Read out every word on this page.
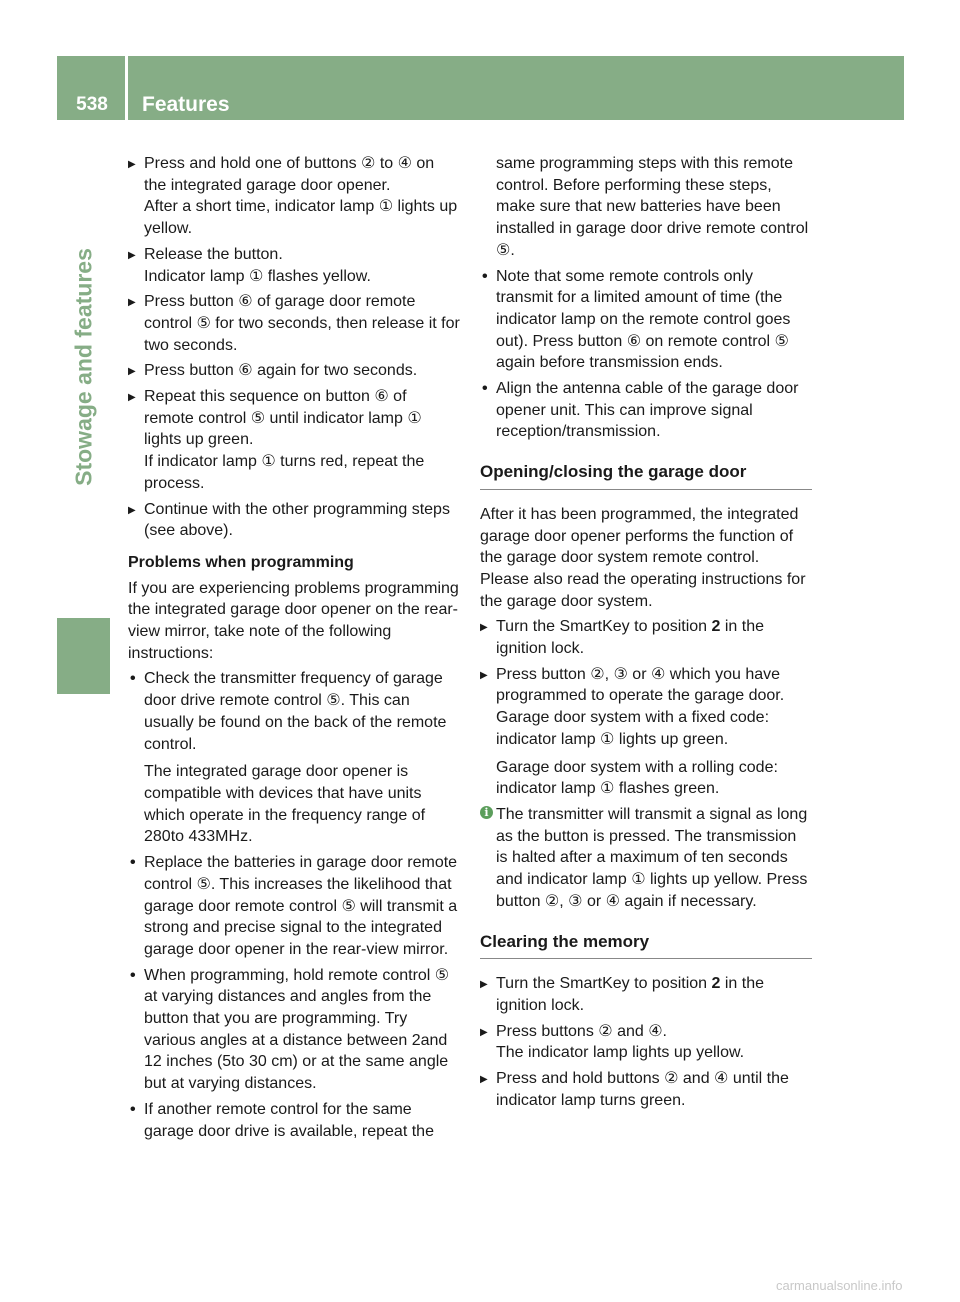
538	Features
Stowage and features
▶ Press and hold one of buttons ② to ④ on the integrated garage door opener.
After a short time, indicator lamp ① lights up yellow.
▶ Release the button.
Indicator lamp ① flashes yellow.
▶ Press button ⑥ of garage door remote control ⑤ for two seconds, then release it for two seconds.
▶ Press button ⑥ again for two seconds.
▶ Repeat this sequence on button ⑥ of remote control ⑤ until indicator lamp ① lights up green.
If indicator lamp ① turns red, repeat the process.
▶ Continue with the other programming steps (see above).
Problems when programming
If you are experiencing problems programming the integrated garage door opener on the rear-view mirror, take note of the following instructions:
• Check the transmitter frequency of garage door drive remote control ⑤. This can usually be found on the back of the remote control.
The integrated garage door opener is compatible with devices that have units which operate in the frequency range of 280to 433MHz.
• Replace the batteries in garage door remote control ⑤. This increases the likelihood that garage door remote control ⑤ will transmit a strong and precise signal to the integrated garage door opener in the rear-view mirror.
• When programming, hold remote control ⑤ at varying distances and angles from the button that you are programming. Try various angles at a distance between 2and 12 inches (5to 30 cm) or at the same angle but at varying distances.
• If another remote control for the same garage door drive is available, repeat the
same programming steps with this remote control. Before performing these steps, make sure that new batteries have been installed in garage door drive remote control ⑤.
• Note that some remote controls only transmit for a limited amount of time (the indicator lamp on the remote control goes out). Press button ⑥ on remote control ⑤ again before transmission ends.
• Align the antenna cable of the garage door opener unit. This can improve signal reception/transmission.
Opening/closing the garage door
After it has been programmed, the integrated garage door opener performs the function of the garage door system remote control. Please also read the operating instructions for the garage door system.
▶ Turn the SmartKey to position 2 in the ignition lock.
▶ Press button ②, ③ or ④ which you have programmed to operate the garage door.
Garage door system with a fixed code: indicator lamp ① lights up green.
Garage door system with a rolling code: indicator lamp ① flashes green.
i The transmitter will transmit a signal as long as the button is pressed. The transmission is halted after a maximum of ten seconds and indicator lamp ① lights up yellow. Press button ②, ③ or ④ again if necessary.
Clearing the memory
▶ Turn the SmartKey to position 2 in the ignition lock.
▶ Press buttons ② and ④.
The indicator lamp lights up yellow.
▶ Press and hold buttons ② and ④ until the indicator lamp turns green.
carmanualsonline.info
